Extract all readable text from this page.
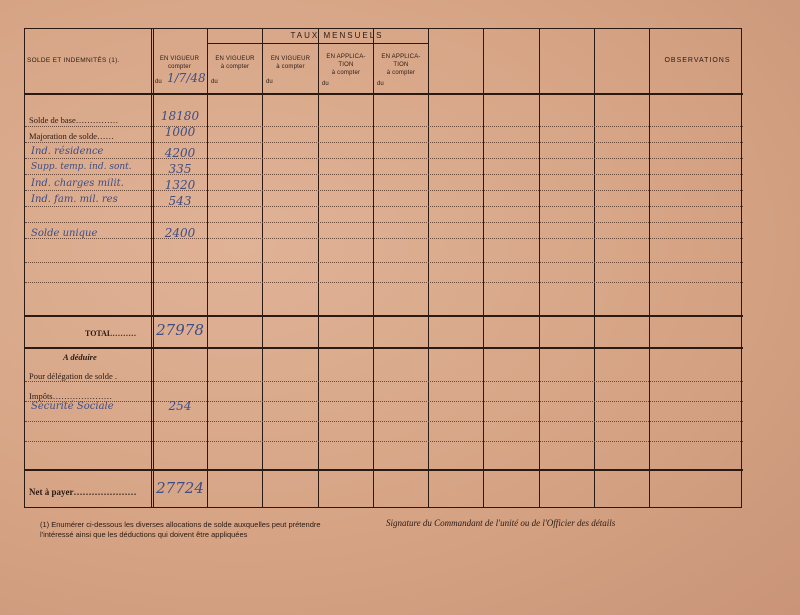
TAUX MENSUELS
SOLDE ET INDEMNITÉS (1).	OBSERVATIONS
EN VIGUEUR
compter
du 1/7/48
EN VIGUEUR
à compter
du
EN VIGUEUR
à compter
du
EN APPLICA-
TION
à compter
du
EN APPLICA-
TION
à compter
du
Solde de base……………
Majoration de solde……
TOTAL………
A déduire
Pour délégation de solde .
Impôts…………………
Net à payer…………………
Ind. résidence
Supp. temp. ind. sont.
Ind. charges milit.
Ind. fam. mil. res
Solde unique
Sécurité Sociale
18180
1000
4200
335
1320
543
2400
27978
254
27724
(1) Enumérer ci-dessous les diverses allocations de solde auxquelles peut prétendre l'intéressé ainsi que les déductions qui doivent être appliquées
Signature du Commandant de l'unité ou de l'Officier des détails
